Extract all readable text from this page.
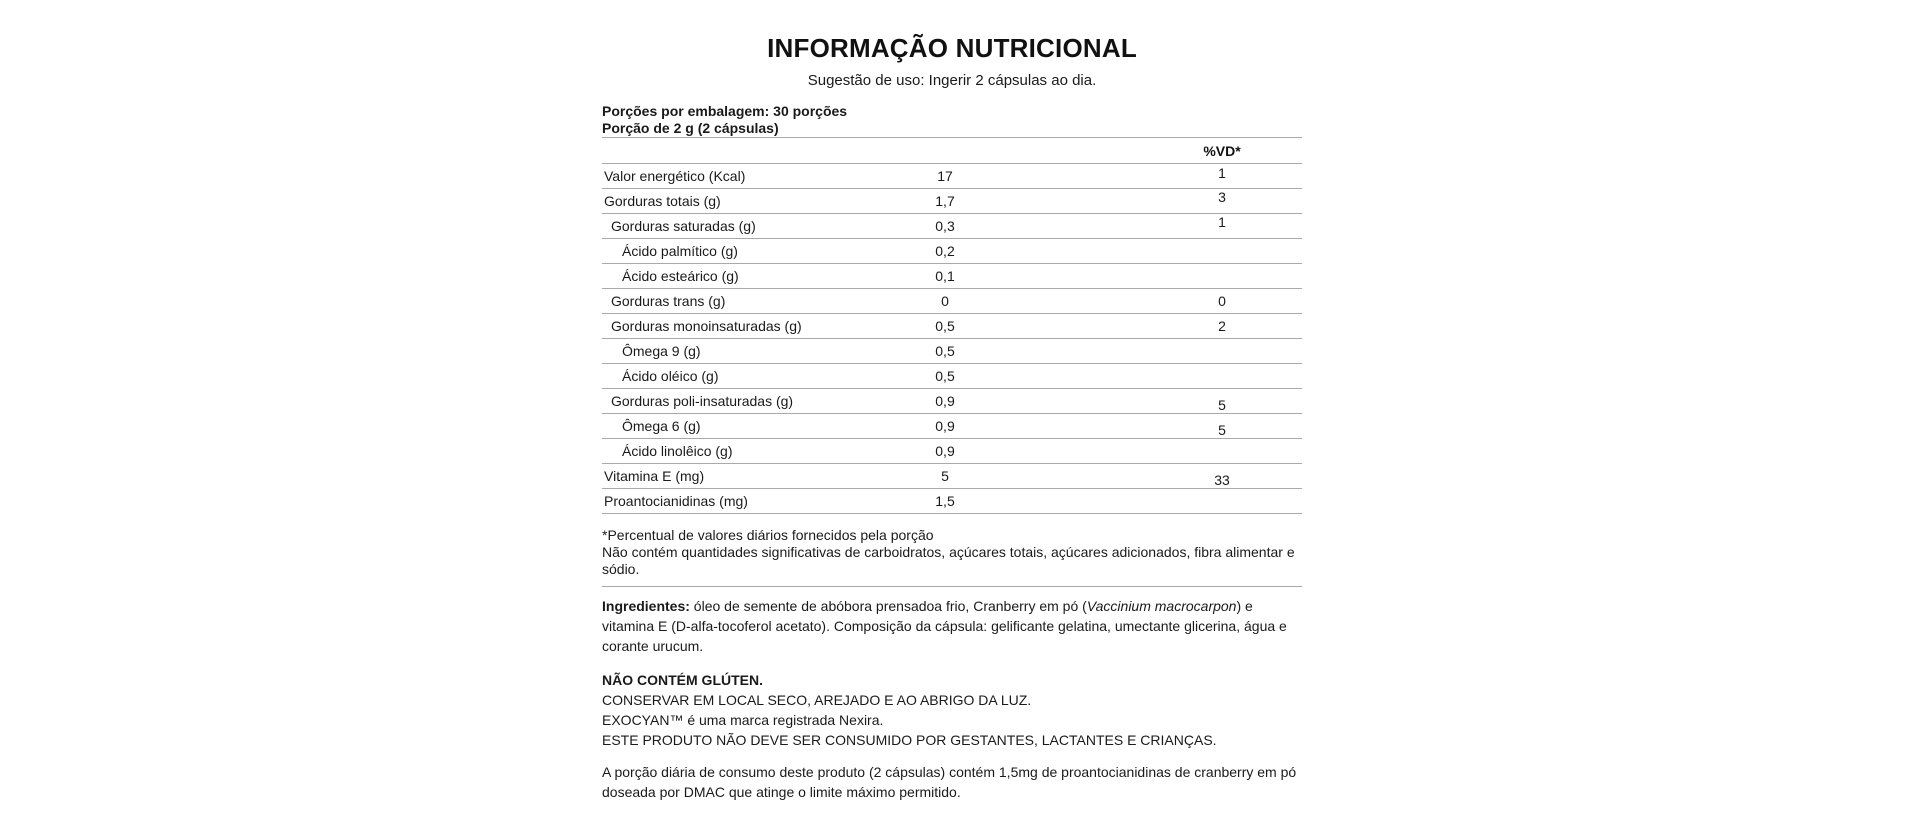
INFORMAÇÃO NUTRICIONAL
Sugestão de uso: Ingerir 2 cápsulas ao dia.
Porções por embalagem: 30 porções
Porção de 2 g (2 cápsulas)
%VD*
Valor energético (Kcal)	17	1
Gorduras totais (g)	1,7	3
Gorduras saturadas (g)	0,3	1
Ácido palmítico (g)	0,2
Ácido esteárico (g)	0,1
Gorduras trans (g)	0	0
Gorduras monoinsaturadas (g)	0,5	2
Ômega 9 (g)	0,5
Ácido oléico (g)	0,5
Gorduras poli-insaturadas (g)	0,9	5
Ômega 6 (g)	0,9	5
Ácido linolêico (g)	0,9
Vitamina E (mg)	5	33
Proantocianidinas (mg)	1,5
*Percentual de valores diários fornecidos pela porção
Não contém quantidades significativas de carboidratos, açúcares totais, açúcares adicionados, fibra alimentar e sódio.

Ingredientes: óleo de semente de abóbora prensadoa frio, Cranberry em pó (Vaccinium macrocarpon) e vitamina E (D-alfa-tocoferol acetato). Composição da cápsula: gelificante gelatina, umectante glicerina, água e corante urucum.

NÃO CONTÉM GLÚTEN.
CONSERVAR EM LOCAL SECO, AREJADO E AO ABRIGO DA LUZ.
EXOCYAN™ é uma marca registrada Nexira.
ESTE PRODUTO NÃO DEVE SER CONSUMIDO POR GESTANTES, LACTANTES E CRIANÇAS.

A porção diária de consumo deste produto (2 cápsulas) contém 1,5mg de proantocianidinas de cranberry em pó doseada por DMAC que atinge o limite máximo permitido.
